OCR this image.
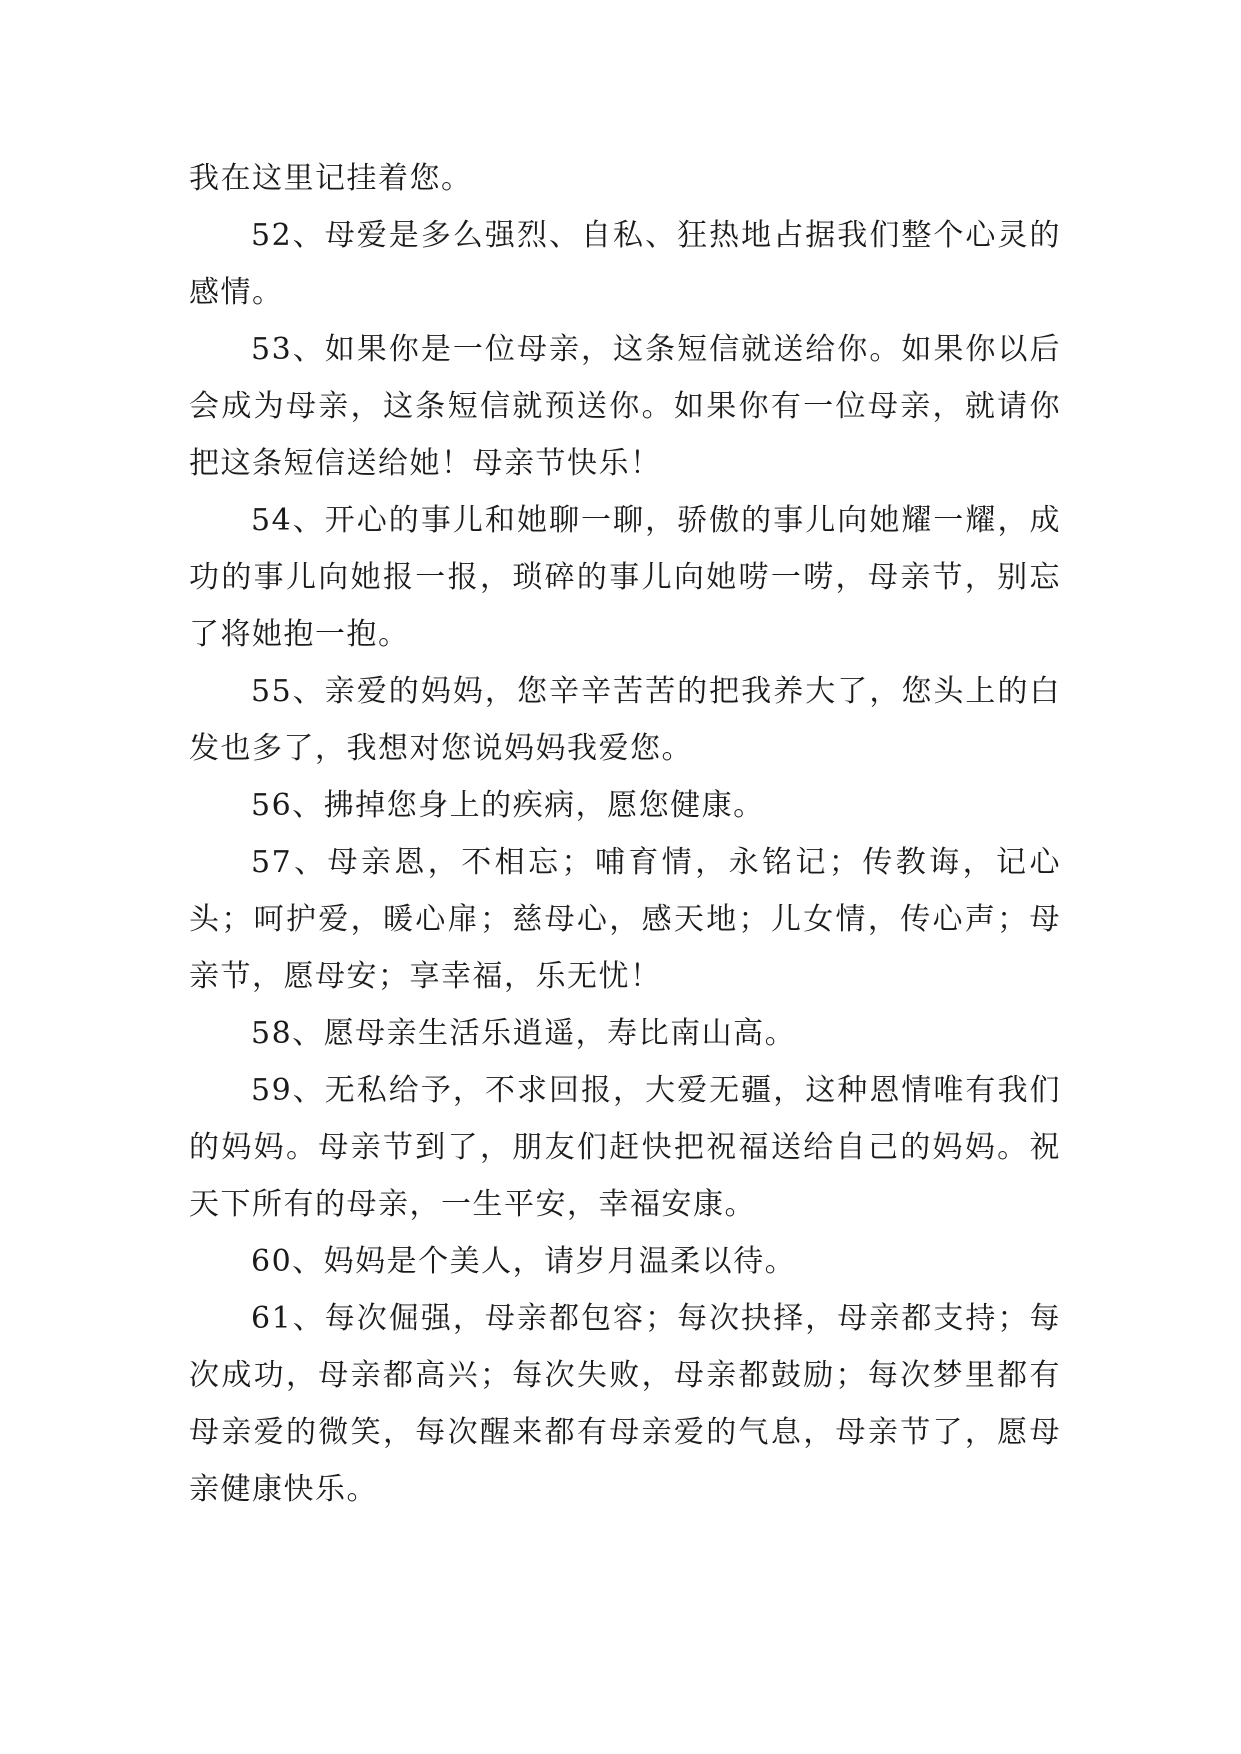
我在这里记挂着您。

52、母爱是多么强烈、自私、狂热地占据我们整个心灵的感情。

53、如果你是一位母亲，这条短信就送给你。如果你以后会成为母亲，这条短信就预送你。如果你有一位母亲，就请你把这条短信送给她！母亲节快乐！

54、开心的事儿和她聊一聊，骄傲的事儿向她耀一耀，成功的事儿向她报一报，琐碎的事儿向她唠一唠，母亲节，别忘了将她抱一抱。

55、亲爱的妈妈，您辛辛苦苦的把我养大了，您头上的白发也多了，我想对您说妈妈我爱您。

56、拂掉您身上的疾病，愿您健康。

57、母亲恩，不相忘；哺育情，永铭记；传教诲，记心头；呵护爱，暖心扉；慈母心，感天地；儿女情，传心声；母亲节，愿母安；享幸福，乐无忧！

58、愿母亲生活乐逍遥，寿比南山高。

59、无私给予，不求回报，大爱无疆，这种恩情唯有我们的妈妈。母亲节到了，朋友们赶快把祝福送给自己的妈妈。祝天下所有的母亲，一生平安，幸福安康。

60、妈妈是个美人，请岁月温柔以待。

61、每次倔强，母亲都包容；每次抉择，母亲都支持；每次成功，母亲都高兴；每次失败，母亲都鼓励；每次梦里都有母亲爱的微笑，每次醒来都有母亲爱的气息，母亲节了，愿母亲健康快乐。
